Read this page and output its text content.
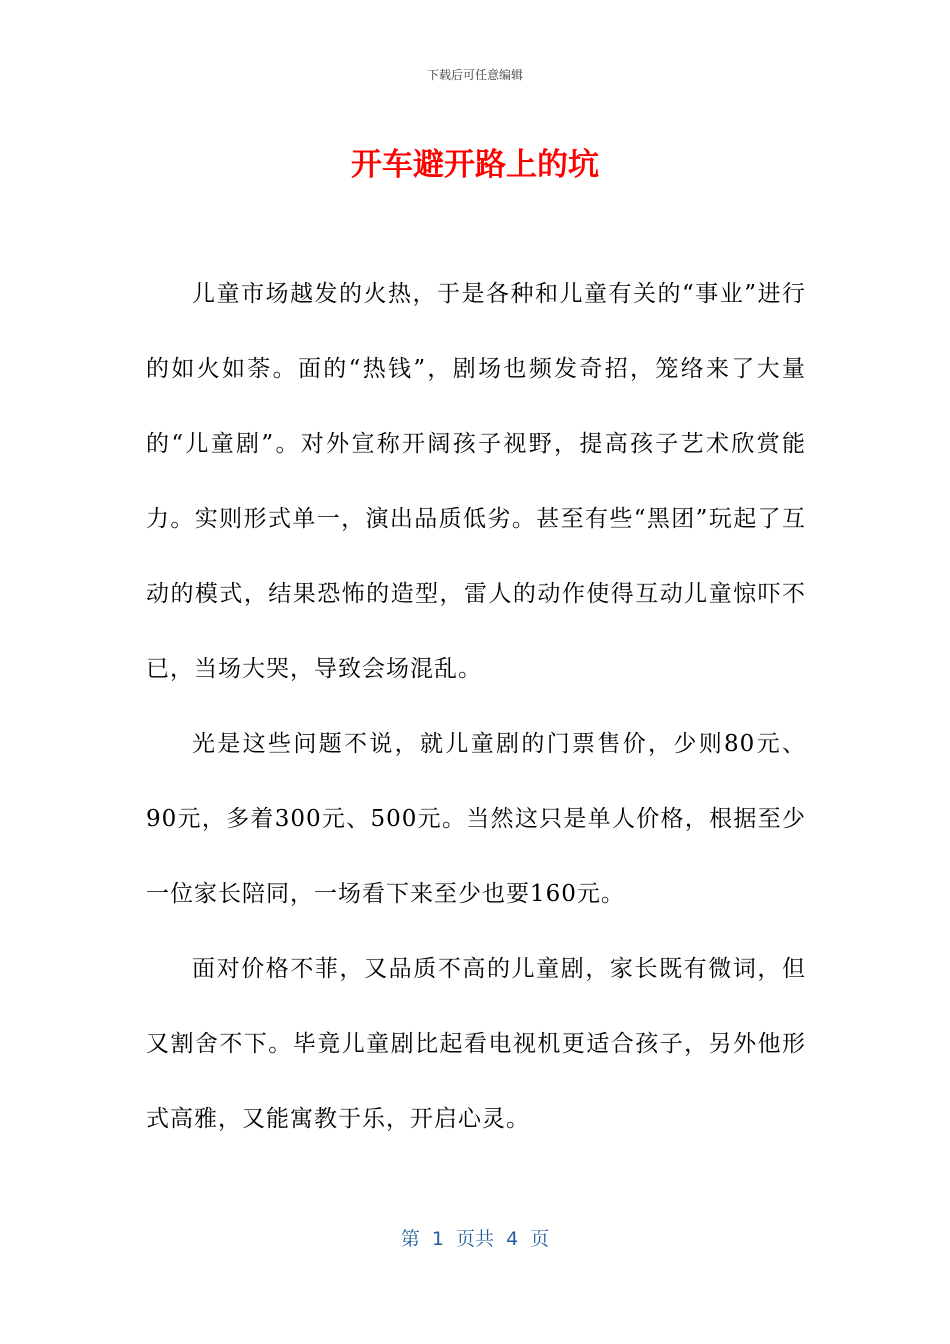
下载后可任意编辑
开车避开路上的坑

儿童市场越发的火热，于是各种和儿童有关的“事业”进行的如火如荼。面的“热钱”，剧场也频发奇招，笼络来了大量的“儿童剧”。对外宣称开阔孩子视野，提高孩子艺术欣赏能力。实则形式单一，演出品质低劣。甚至有些“黑团”玩起了互动的模式，结果恐怖的造型，雷人的动作使得互动儿童惊吓不已，当场大哭，导致会场混乱。

光是这些问题不说，就儿童剧的门票售价，少则80元、90元，多着300元、500元。当然这只是单人价格，根据至少一位家长陪同，一场看下来至少也要160元。

面对价格不菲，又品质不高的儿童剧，家长既有微词，但又割舍不下。毕竟儿童剧比起看电视机更适合孩子，另外他形式高雅，又能寓教于乐，开启心灵。

第  1  页共  4  页
